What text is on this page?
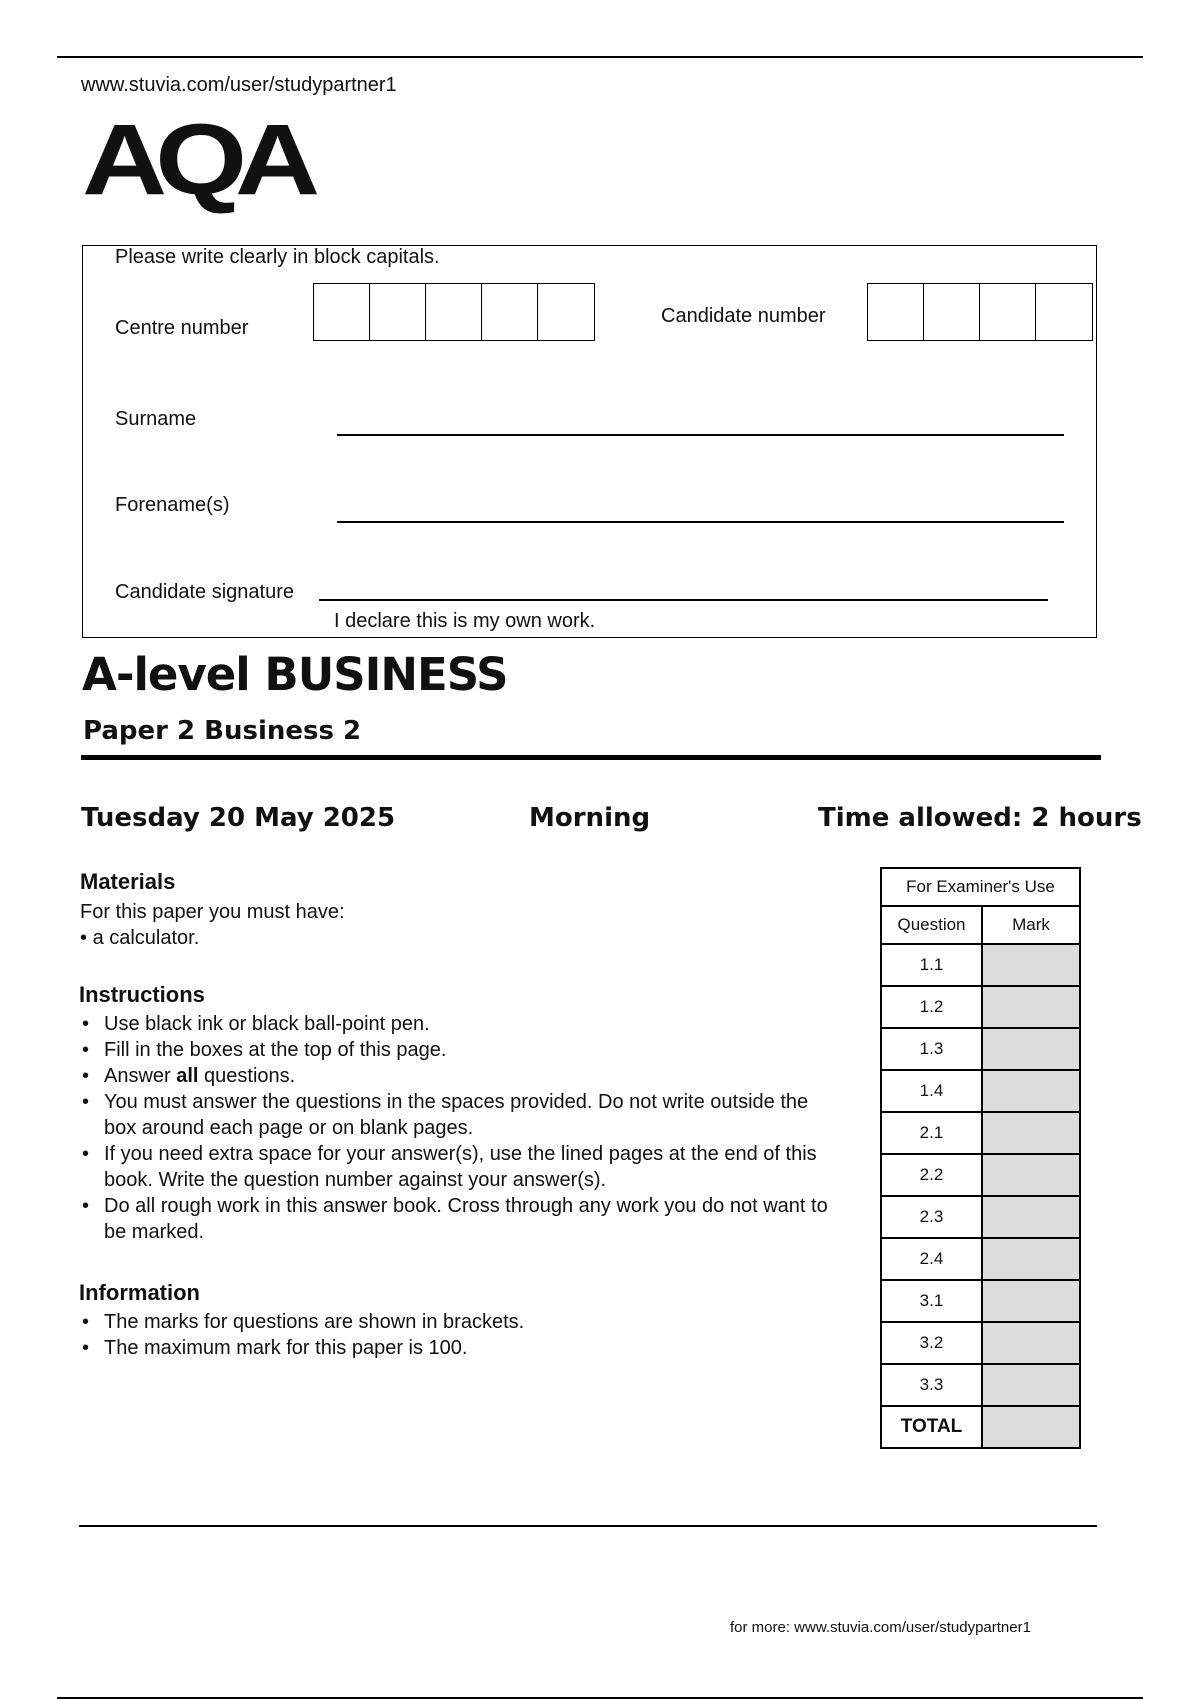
www.stuvia.com/user/studypartner1
AQA
Please write clearly in block capitals.
Centre number
Candidate number
Surname
Forename(s)
Candidate signature
I declare this is my own work.
A-level BUSINESS
Paper 2 Business 2
Tuesday 20 May 2025	Morning	Time allowed: 2 hours
Materials
For this paper you must have:
• a calculator.
Instructions
• Use black ink or black ball-point pen.
• Fill in the boxes at the top of this page.
• Answer all questions.
• You must answer the questions in the spaces provided. Do not write outside the box around each page or on blank pages.
• If you need extra space for your answer(s), use the lined pages at the end of this book. Write the question number against your answer(s).
• Do all rough work in this answer book. Cross through any work you do not want to be marked.
Information
• The marks for questions are shown in brackets.
• The maximum mark for this paper is 100.
For Examiner's Use	
Question	Mark
1.1	
1.2	
1.3	
1.4	
2.1	
2.2	
2.3	
2.4	
3.1	
3.2	
3.3	
TOTAL	
for more: www.stuvia.com/user/studypartner1
